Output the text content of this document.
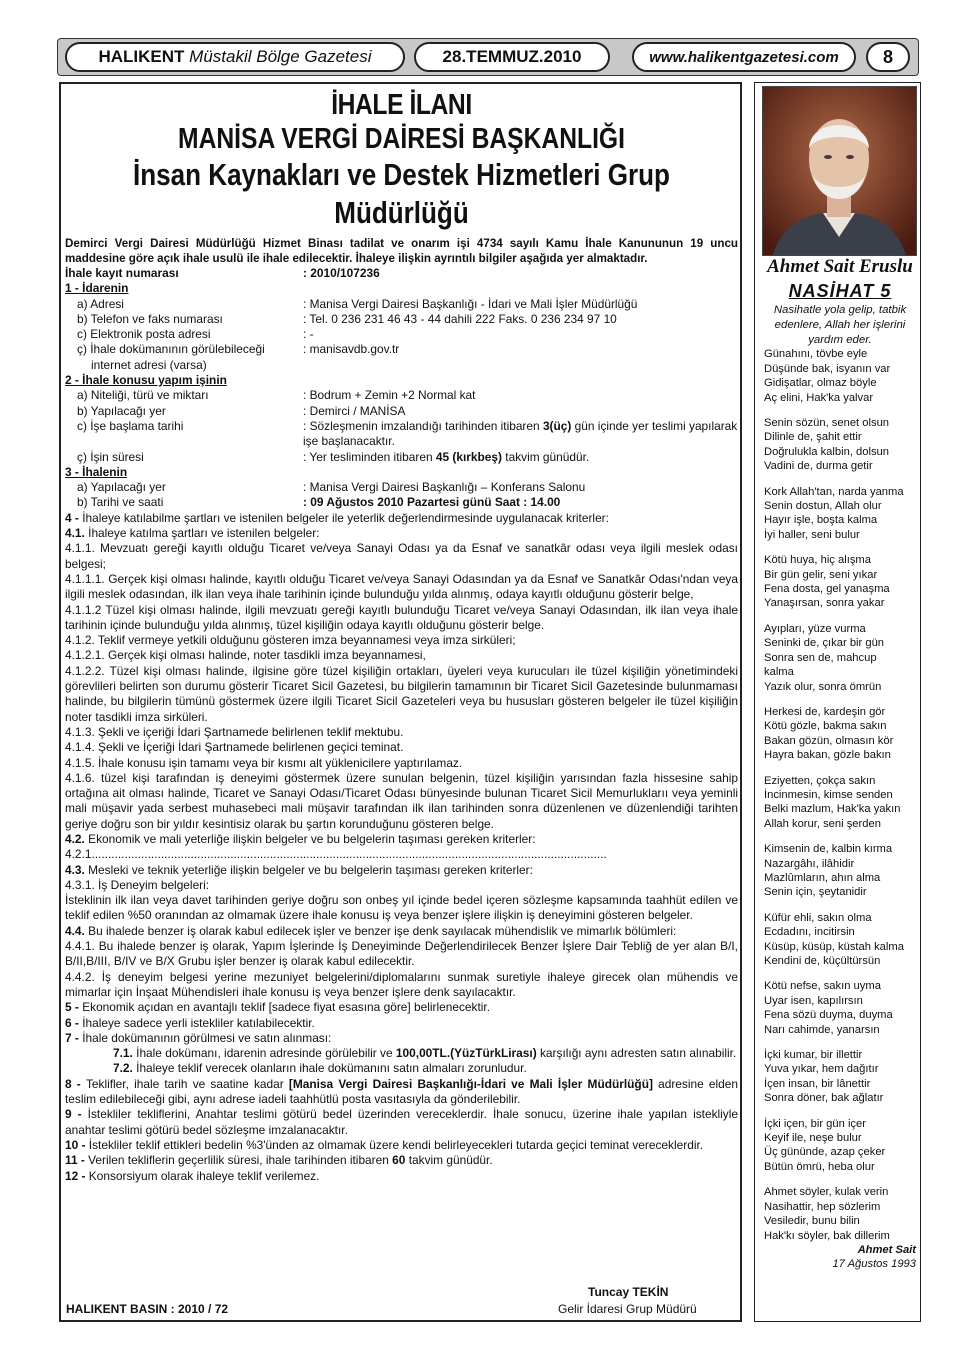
HALIKENT
Müstakil Bölge Gazetesi	28.TEMMUZ.2010	www.halikentgazetesi.com	8
İHALE İLANI
MANİSA VERGİ DAİRESİ BAŞKANLIĞI
İnsan Kaynakları ve Destek Hizmetleri Grup Müdürlüğü
Demirci Vergi Dairesi Müdürlüğü Hizmet Binası tadilat ve onarım işi 4734 sayılı Kamu İhale Kanununun 19 uncu maddesine göre açık ihale usulü ile ihale edilecektir. İhaleye ilişkin ayrıntılı bilgiler aşağıda yer almaktadır.
İhale kayıt numarası	: 2010/107236
1 - İdarenin
a) Adresi	: Manisa Vergi Dairesi Başkanlığı - İdari ve Mali İşler Müdürlüğü
b) Telefon ve faks numarası	: Tel. 0 236 231 46 43 - 44 dahili 222 Faks. 0 236 234 97 10
c) Elektronik posta adresi	: -
ç) İhale dokümanının görülebileceği	: manisavdb.gov.tr
internet adresi (varsa)
2 - İhale konusu yapım işinin
a) Niteliği, türü ve miktarı	: Bodrum + Zemin +2 Normal kat
b) Yapılacağı yer	: Demirci / MANİSA
c) İşe başlama tarihi	: Sözleşmenin imzalandığı tarihinden itibaren 3(üç) gün içinde yer teslimi yapılarak işe başlanacaktır.
ç) İşin süresi	: Yer tesliminden itibaren 45 (kırkbeş) takvim günüdür.
3 - İhalenin
a) Yapılacağı yer	: Manisa Vergi Dairesi Başkanlığı – Konferans Salonu
b) Tarihi ve saati	: 09 Ağustos 2010 Pazartesi günü Saat : 14.00
4 - İhaleye katılabilme şartları ve istenilen belgeler ile yeterlik değerlendirmesinde uygulanacak kriterler:
4.1. İhaleye katılma şartları ve istenilen belgeler:
4.1.1. Mevzuatı gereği kayıtlı olduğu Ticaret ve/veya Sanayi Odası ya da Esnaf ve sanatkâr odası veya ilgili meslek odası belgesi;
4.1.1.1. Gerçek kişi olması halinde, kayıtlı olduğu Ticaret ve/veya Sanayi Odasından ya da Esnaf ve Sanatkâr Odası'ndan veya ilgili meslek odasından, ilk ilan veya ihale tarihinin içinde bulunduğu yılda alınmış, odaya kayıtlı olduğunu gösterir belge,
4.1.1.2 Tüzel kişi olması halinde, ilgili mevzuatı gereği kayıtlı bulunduğu Ticaret ve/veya Sanayi Odasından, ilk ilan veya ihale tarihinin içinde bulunduğu yılda alınmış, tüzel kişiliğin odaya kayıtlı olduğunu gösterir belge.
4.1.2. Teklif vermeye yetkili olduğunu gösteren imza beyannamesi veya imza sirküleri;
4.1.2.1. Gerçek kişi olması halinde, noter tasdikli imza beyannamesi,
4.1.2.2. Tüzel kişi olması halinde, ilgisine göre tüzel kişiliğin ortakları, üyeleri veya kurucuları ile tüzel kişiliğin yönetimindeki görevlileri belirten son durumu gösterir Ticaret Sicil Gazetesi, bu bilgilerin tamamının bir Ticaret Sicil Gazetesinde bulunmaması halinde, bu bilgilerin tümünü göstermek üzere ilgili Ticaret Sicil Gazeteleri veya bu hususları gösteren belgeler ile tüzel kişiliğin noter tasdikli imza sirküleri.
4.1.3. Şekli ve içeriği İdari Şartnamede belirlenen teklif mektubu.
4.1.4. Şekli ve İçeriği İdari Şartnamede belirlenen geçici teminat.
4.1.5. İhale konusu işin tamamı veya bir kısmı alt yüklenicilere yaptırılamaz.
4.1.6. tüzel kişi tarafından iş deneyimi göstermek üzere sunulan belgenin, tüzel kişiliğin yarısından fazla hissesine sahip ortağına ait olması halinde, Ticaret ve Sanayi Odası/Ticaret Odası bünyesinde bulunan Ticaret Sicil Memurluklarıı veya yeminli mali müşavir yada serbest muhasebeci mali müşavir tarafından ilk ilan tarihinden sonra düzenlenen ve düzenlendiği tarihten geriye doğru son bir yıldır kesintisiz olarak bu şartın korunduğunu gösteren belge.
4.2. Ekonomik ve mali yeterliğe ilişkin belgeler ve bu belgelerin taşıması gereken kriterler:
4.2.1............................................................................................................................................................
4.3. Mesleki ve teknik yeterliğe ilişkin belgeler ve bu belgelerin taşıması gereken kriterler:
4.3.1. İş Deneyim belgeleri:
İsteklinin ilk ilan veya davet tarihinden geriye doğru son onbeş yıl içinde bedel içeren sözleşme kapsamında taahhüt edilen ve teklif edilen %50 oranından az olmamak üzere ihale konusu iş veya benzer işlere ilişkin iş deneyimini gösteren belgeler.
4.4. Bu ihalede benzer iş olarak kabul edilecek işler ve benzer işe denk sayılacak mühendislik ve mimarlık bölümleri:
4.4.1. Bu ihalede benzer iş olarak, Yapım İşlerinde İş Deneyiminde Değerlendirilecek Benzer İşlere Dair Tebliğ de yer alan B/I, B/II,B/III, B/IV ve B/X Grubu işler benzer iş olarak kabul edilecektir.
4.4.2. İş deneyim belgesi yerine mezuniyet belgelerini/diplomalarını sunmak suretiyle ihaleye girecek olan mühendis ve mimarlar için İnşaat Mühendisleri ihale konusu iş veya benzer işlere denk sayılacaktır.
5 - Ekonomik açıdan en avantajlı teklif [sadece fiyat esasına göre] belirlenecektir.
6 - İhaleye sadece yerli istekliler katılabilecektir.
7 - İhale dokümanının görülmesi ve satın alınması:
7.1. İhale dokümanı, idarenin adresinde görülebilir ve 100,00TL.(YüzTürkLirası) karşılığı aynı adresten satın alınabilir.
7.2. İhaleye teklif verecek olanların ihale dokümanını satın almaları zorunludur.
8 - Teklifler, ihale tarih ve saatine kadar [Manisa Vergi Dairesi Başkanlığı-İdari ve Mali İşler Müdürlüğü] adresine elden teslim edilebileceği gibi, aynı adrese iadeli taahhütlü posta vasıtasıyla da gönderilebilir.
9 - İstekliler tekliflerini, Anahtar teslimi götürü bedel üzerinden vereceklerdir. İhale sonucu, üzerine ihale yapılan istekliyle anahtar teslimi götürü bedel sözleşme imzalanacaktır.
10 - İstekliler teklif ettikleri bedelin %3'ünden az olmamak üzere kendi belirleyecekleri tutarda geçici teminat vereceklerdir.
11 - Verilen tekliflerin geçerlilik süresi, ihale tarihinden itibaren 60 takvim günüdür.
12 - Konsorsiyum olarak ihaleye teklif verilemez.
Tuncay TEKİN
Gelir İdaresi Grup Müdürü
HALIKENT BASIN : 2010 / 72
Ahmet Sait Eruslu
NASİHAT 5
Nasihatle yola gelip, tatbik edenlere, Allah her işlerini yardım eder.
Günahını, tövbe eyle
Düşünde bak, isyanın var
Gidişatlar, olmaz böyle
Aç elini, Hak'ka yalvar
Senin sözün, senet olsun
Dilinle de, şahit ettir
Doğrulukla kalbin, dolsun
Vadini de, durma getir
Kork Allah'tan, narda yanma
Senin dostun, Allah olur
Hayır işle, boşta kalma
İyi haller, seni bulur
Kötü huya, hiç alışma
Bir gün gelir, seni yıkar
Fena dosta, gel yanaşma
Yanaşırsan, sonra yakar
Ayıpları, yüze vurma
Seninki de, çıkar bir gün
Sonra sen de, mahcup
kalma
Yazık olur, sonra ömrün
Herkesi de, kardeşin gör
Kötü gözle, bakma sakın
Bakan gözün, olmasın kör
Hayra bakan, gözle bakın
Eziyetten, çokça sakın
İncinmesin, kimse senden
Belki mazlum, Hak'ka yakın
Allah korur, seni şerden
Kimsenin de, kalbin kırma
Nazargâhı, ilâhidir
Mazlûmların, ahın alma
Senin için, şeytanidir
Küfür ehli, sakın olma
Ecdadını, incitirsin
Küsüp, küsüp, küstah kalma
Kendini de, küçültürsün
Kötü nefse, sakın uyma
Uyar isen, kapılırsın
Fena sözü duyma, duyma
Narı cahimde, yanarsın
İçki kumar, bir illettir
Yuva yıkar, hem dağıtır
İçen insan, bir lânettir
Sonra döner, bak ağlatır
İçki içen, bir gün içer
Keyif ile, neşe bulur
Üç gününde, azap çeker
Bütün ömrü, heba olur
Ahmet söyler, kulak verin
Nasihattir, hep sözlerim
Vesiledir, bunu bilin
Hak'kı söyler, bak dillerim
Ahmet Sait
17 Ağustos 1993
